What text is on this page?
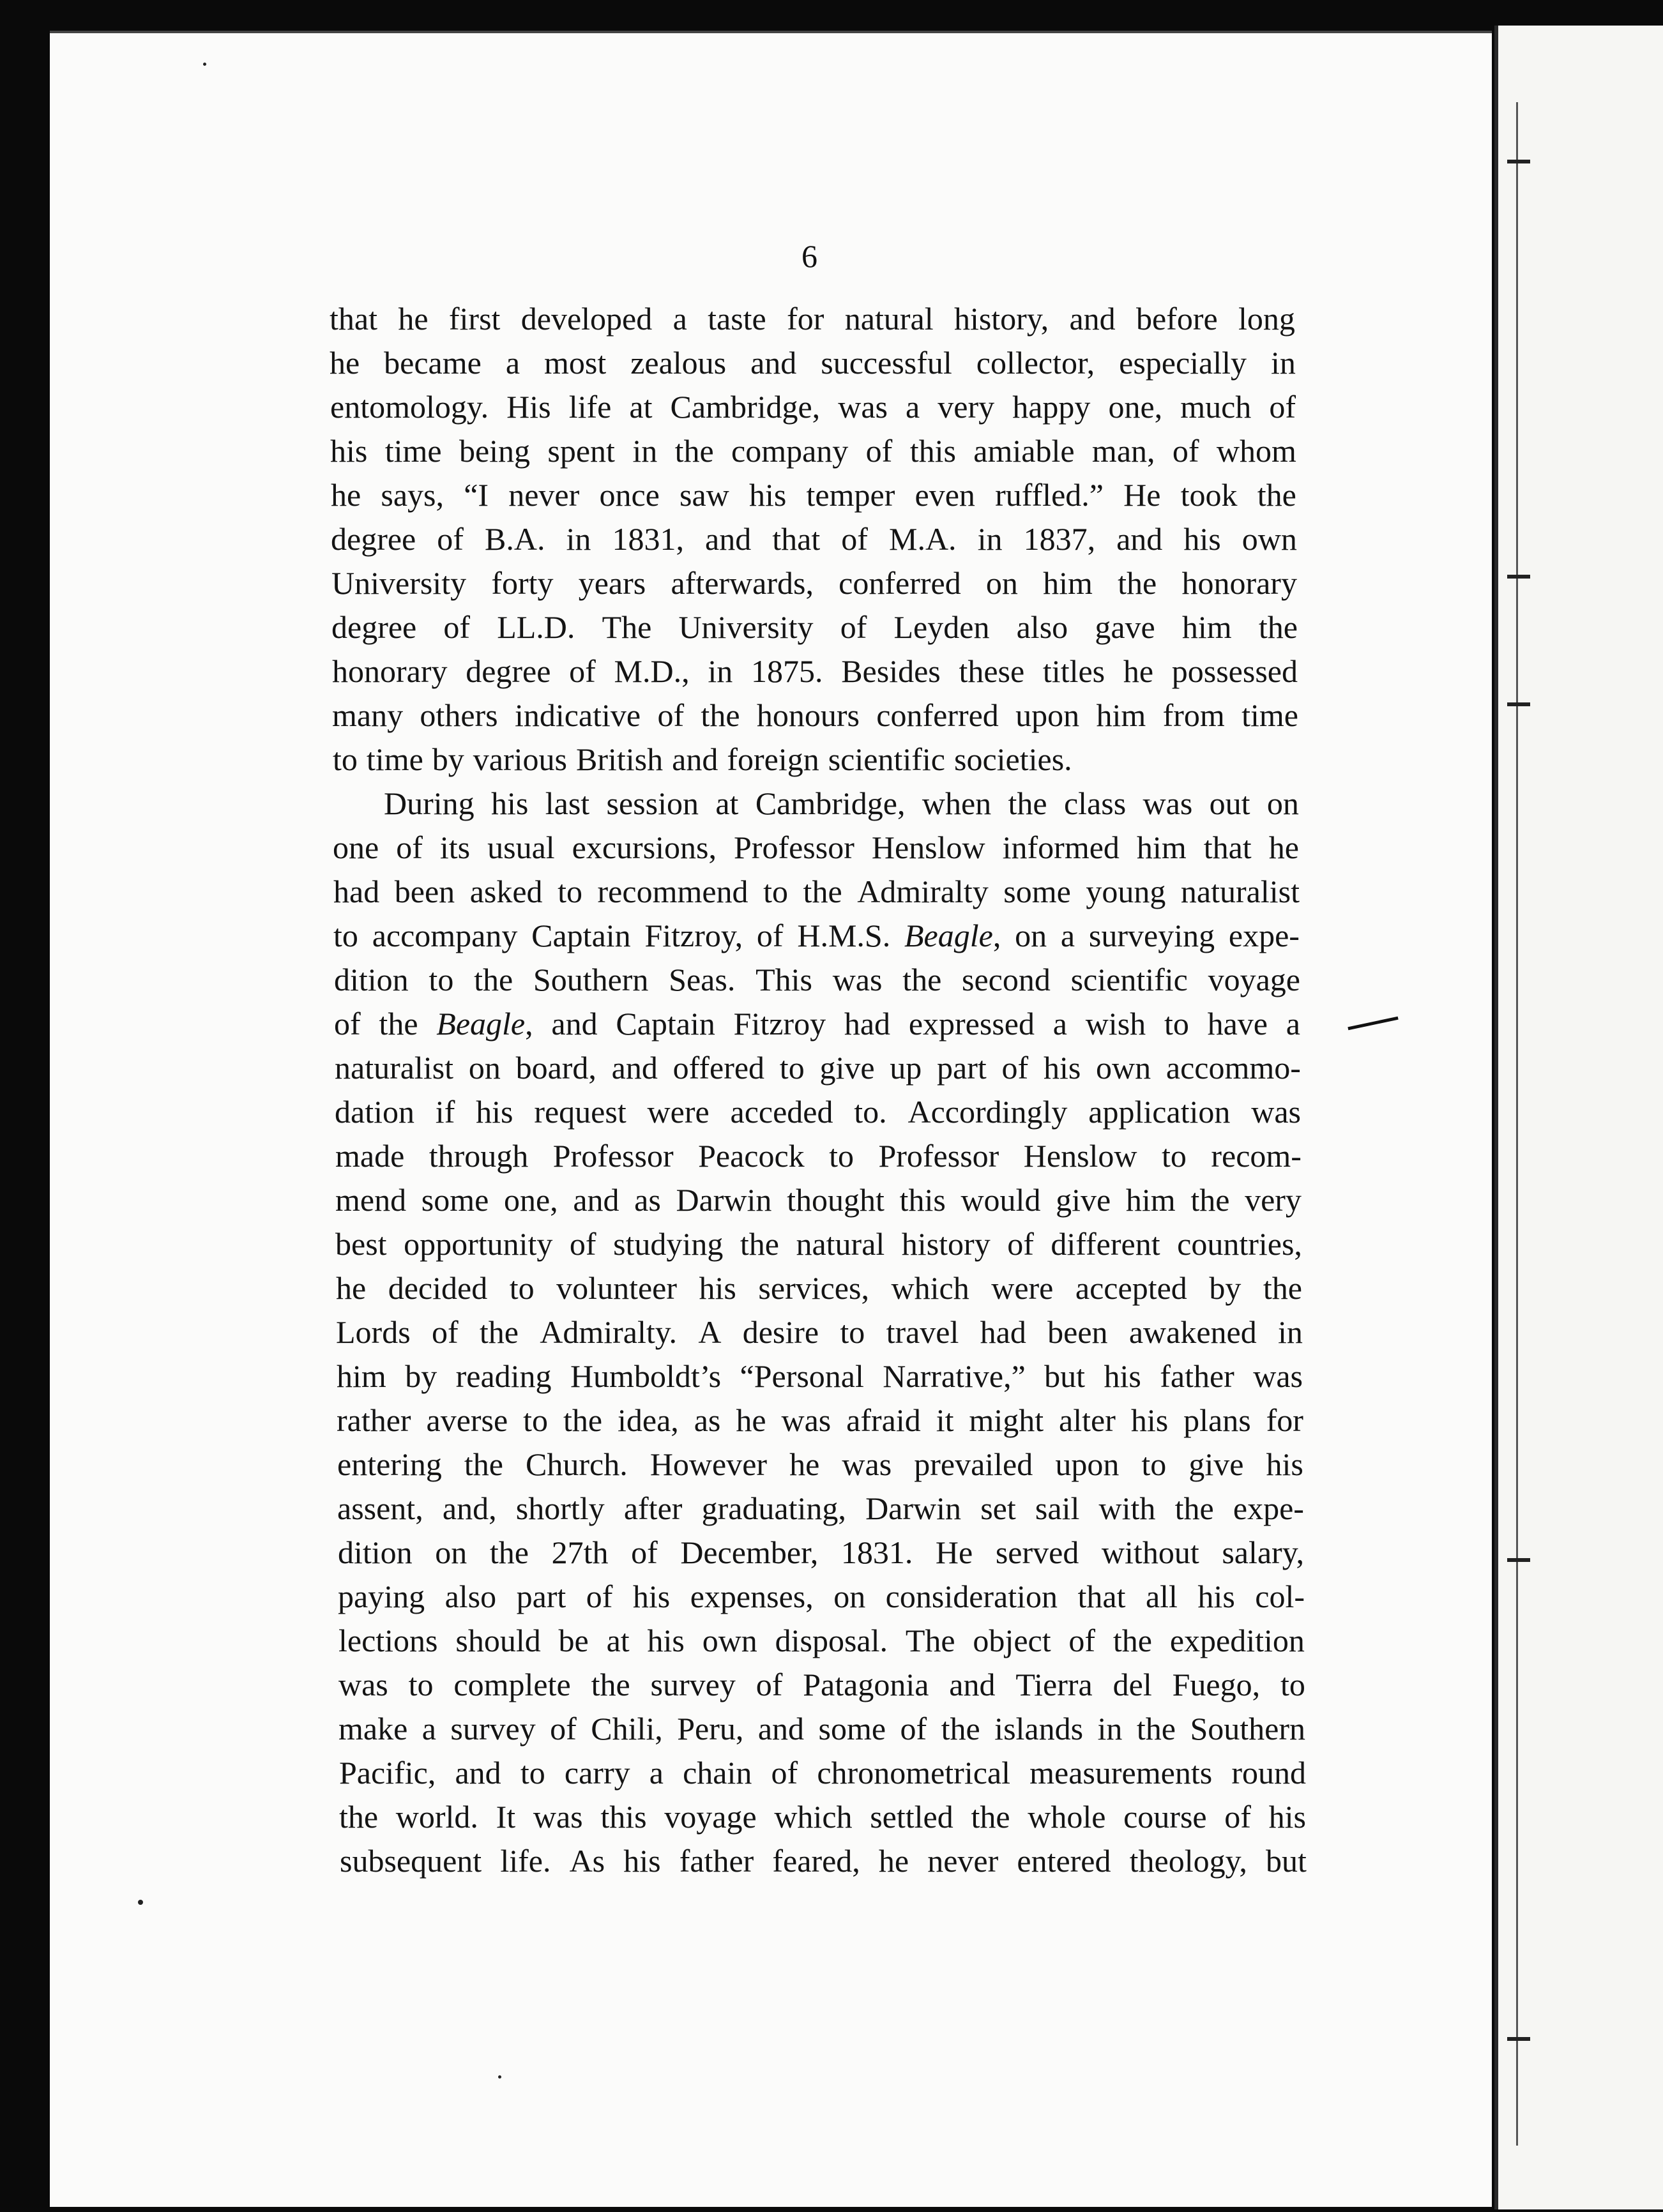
6
that he first developed a taste for natural history, and before long
he became a most zealous and successful collector, especially in
entomology. His life at Cambridge, was a very happy one, much of
his time being spent in the company of this amiable man, of whom
he says, “I never once saw his temper even ruffled.” He took the
degree of B.A. in 1831, and that of M.A. in 1837, and his own
University forty years afterwards, conferred on him the honorary
degree of LL.D. The University of Leyden also gave him the
honorary degree of M.D., in 1875. Besides these titles he possessed
many others indicative of the honours conferred upon him from time
to time by various British and foreign scientific societies.
During his last session at Cambridge, when the class was out on
one of its usual excursions, Professor Henslow informed him that he
had been asked to recommend to the Admiralty some young naturalist
to accompany Captain Fitzroy, of H.M.S. Beagle, on a surveying expe-
dition to the Southern Seas. This was the second scientific voyage
of the Beagle, and Captain Fitzroy had expressed a wish to have a
naturalist on board, and offered to give up part of his own accommo-
dation if his request were acceded to. Accordingly application was
made through Professor Peacock to Professor Henslow to recom-
mend some one, and as Darwin thought this would give him the very
best opportunity of studying the natural history of different countries,
he decided to volunteer his services, which were accepted by the
Lords of the Admiralty. A desire to travel had been awakened in
him by reading Humboldt’s “Personal Narrative,” but his father was
rather averse to the idea, as he was afraid it might alter his plans for
entering the Church. However he was prevailed upon to give his
assent, and, shortly after graduating, Darwin set sail with the expe-
dition on the 27th of December, 1831. He served without salary,
paying also part of his expenses, on consideration that all his col-
lections should be at his own disposal. The object of the expedition
was to complete the survey of Patagonia and Tierra del Fuego, to
make a survey of Chili, Peru, and some of the islands in the Southern
Pacific, and to carry a chain of chronometrical measurements round
the world. It was this voyage which settled the whole course of his
subsequent life. As his father feared, he never entered theology, but
